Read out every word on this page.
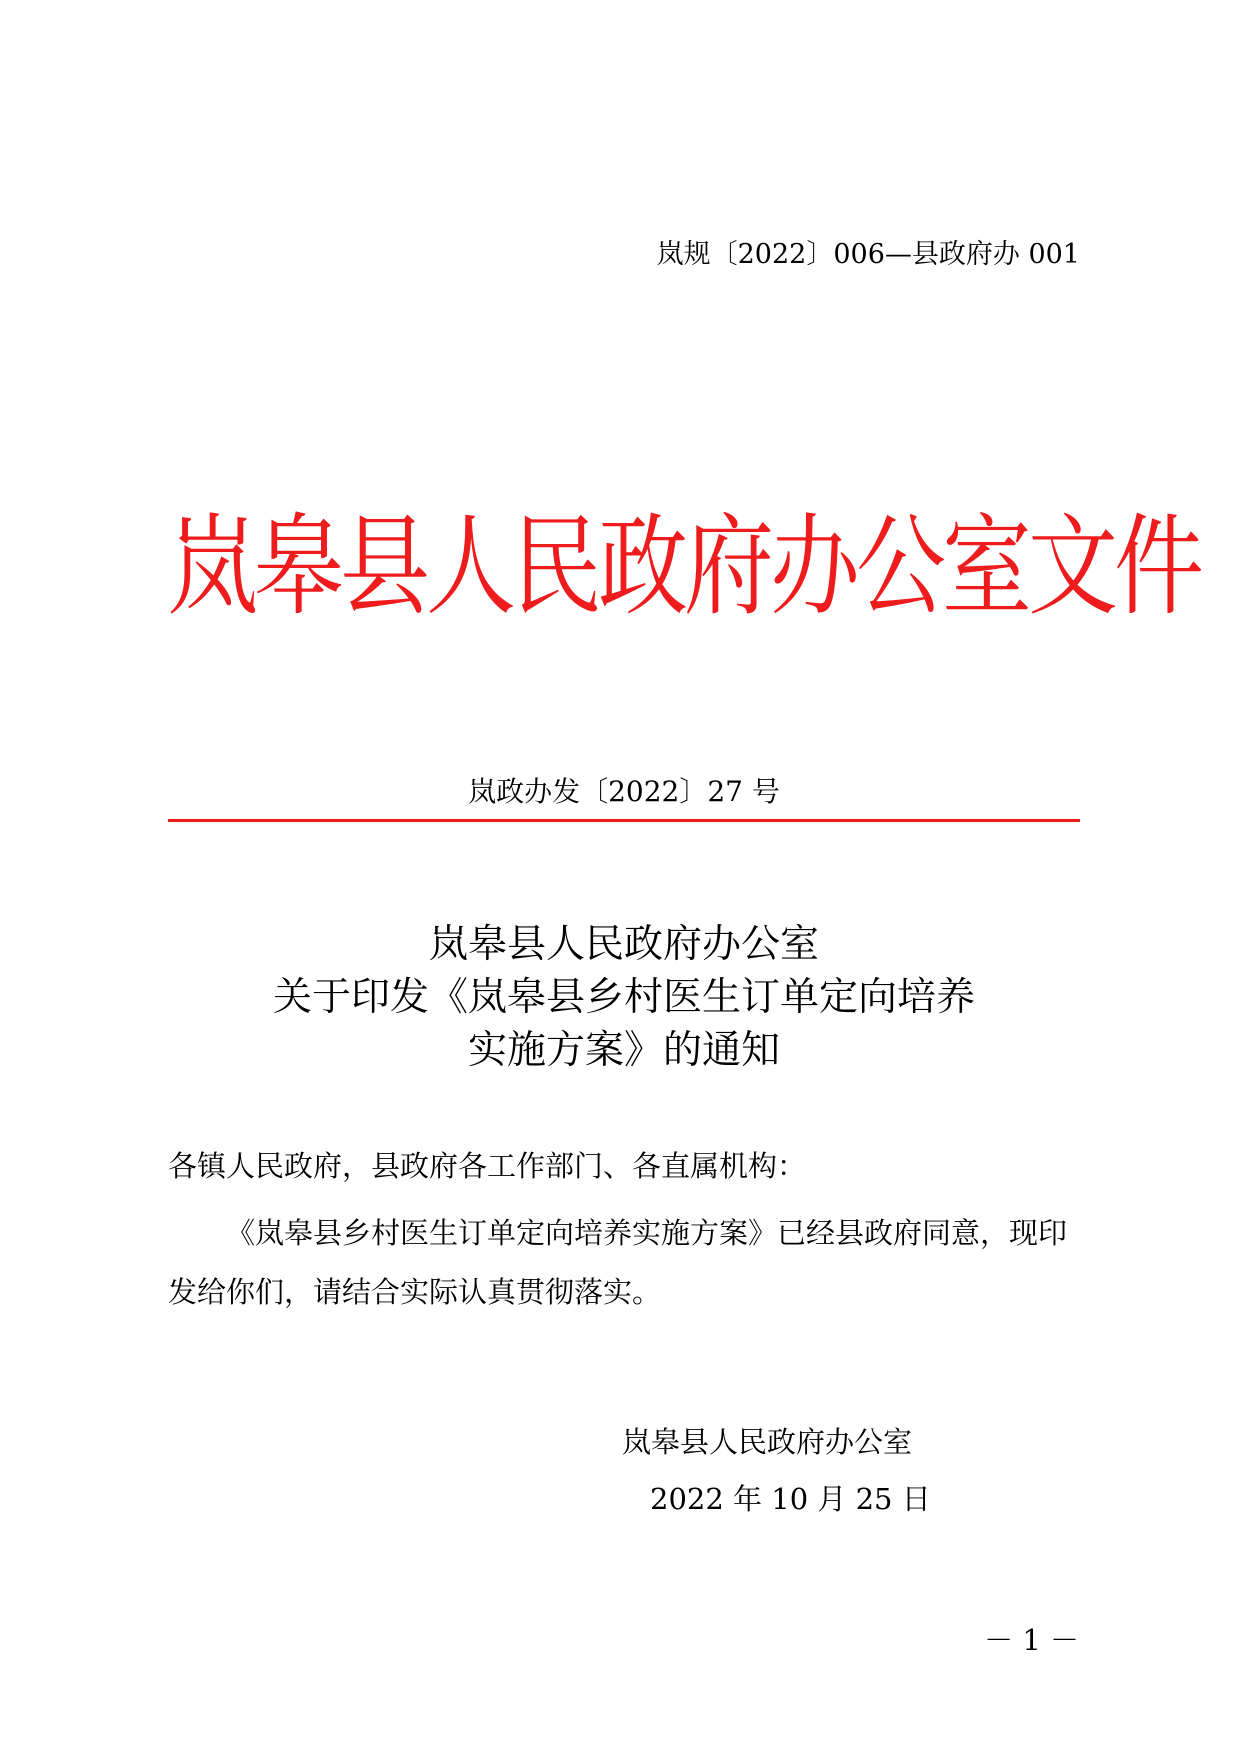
岚规〔2022〕006—县政府办 001
岚皋县人民政府办公室文件
岚政办发〔2022〕27 号
岚皋县人民政府办公室
关于印发《岚皋县乡村医生订单定向培养
实施方案》的通知
各镇人民政府，县政府各工作部门、各直属机构：
《岚皋县乡村医生订单定向培养实施方案》已经县政府同意，现印发给你们，请结合实际认真贯彻落实。
岚皋县人民政府办公室
2022 年 10 月 25 日
－ 1 －
